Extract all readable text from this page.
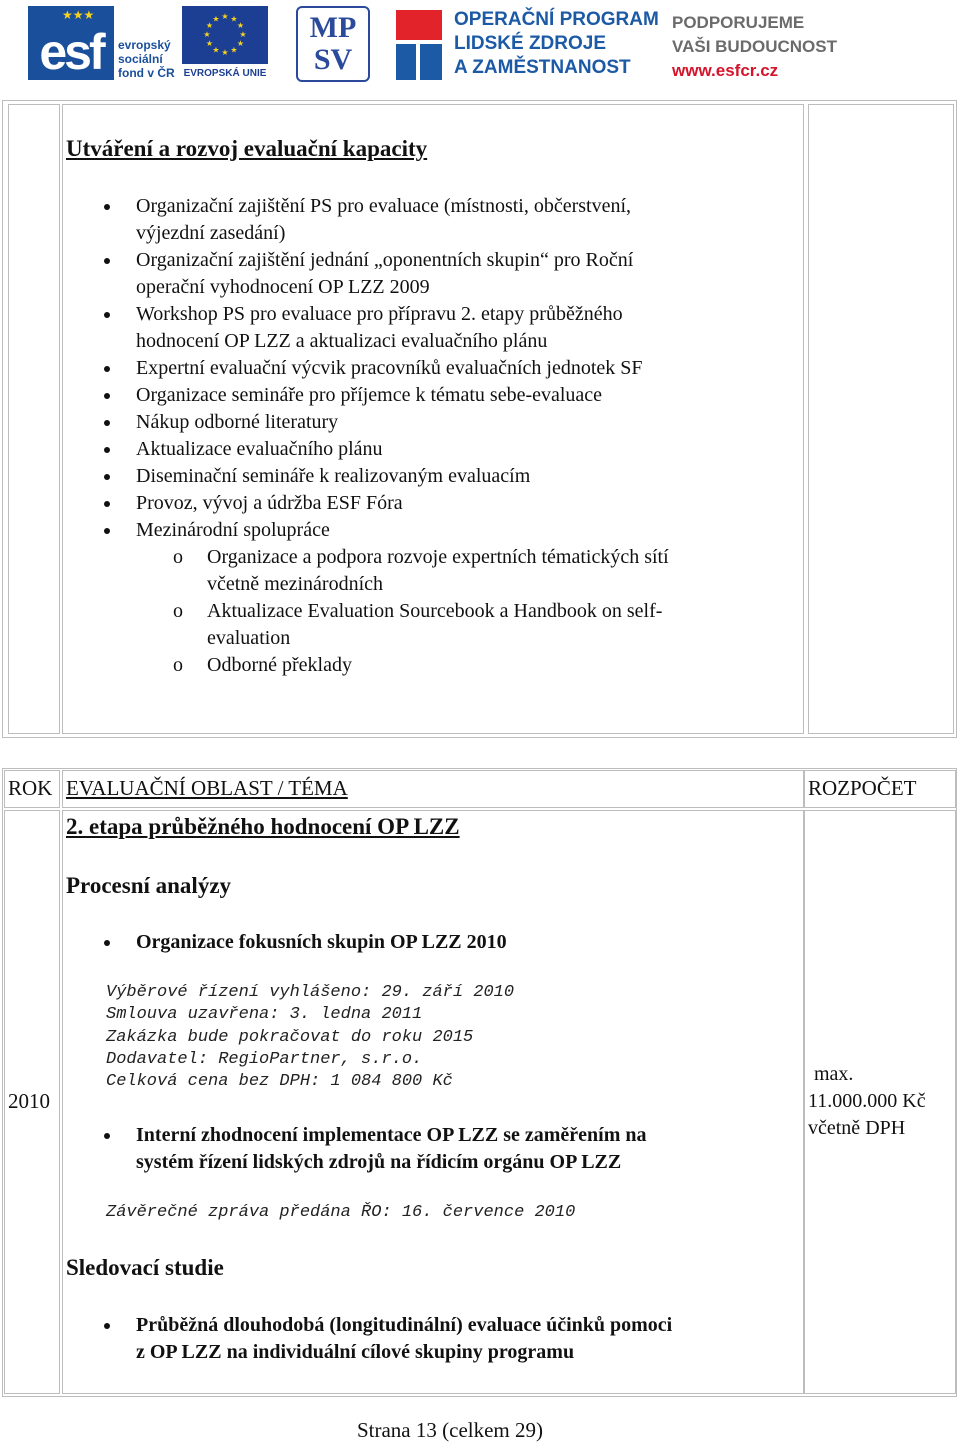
★★★
esf	evropský
sociální
fond v ČR
★ ★
★
★
★
★
★
★
★
★
★
★
EVROPSKÁ UNIE
MP
SV
OPERAČNÍ PROGRAM
LIDSKÉ ZDROJE
A ZAMĚSTNANOST
PODPORUJEME
VAŠI BUDOUCNOST
www.esfcr.cz
Utváření a rozvoj evaluační kapacity
Organizační zajištění PS pro evaluace (místnosti, občerstvení,
výjezdní zasedání)
Organizační zajištění jednání „oponentních skupin“ pro Roční
operační vyhodnocení OP LZZ 2009
Workshop PS pro evaluace pro přípravu 2. etapy průběžného
hodnocení OP LZZ a aktualizaci evaluačního plánu
Expertní evaluační výcvik pracovníků evaluačních jednotek SF
Organizace semináře pro příjemce k tématu sebe-evaluace
Nákup odborné literatury
Aktualizace evaluačního plánu
Diseminační semináře k realizovaným evaluacím
Provoz, vývoj a údržba ESF Fóra
Mezinárodní spolupráce
o Organizace a podpora rozvoje expertních tématických sítí
včetně mezinárodních
o Aktualizace Evaluation Sourcebook a Handbook on self-
evaluation
o Odborné překlady
ROK EVALUAČNÍ OBLAST / TÉMA	ROZPOČET
2010
max.
11.000.000 Kč
včetně DPH
2. etapa průběžného hodnocení OP LZZ
Procesní analýzy
Organizace fokusních skupin OP LZZ 2010
Výběrové řízení vyhlášeno: 29. září 2010
Smlouva uzavřena: 3. ledna 2011
Zakázka bude pokračovat do roku 2015
Dodavatel: RegioPartner, s.r.o.
Celková cena bez DPH: 1 084 800 Kč
Interní zhodnocení implementace OP LZZ se zaměřením na
systém řízení lidských zdrojů na řídicím orgánu OP LZZ
Závěrečné zpráva předána ŘO: 16. července 2010
Sledovací studie
Průběžná dlouhodobá (longitudinální) evaluace účinků pomoci
z OP LZZ na individuální cílové skupiny programu
Strana 13 (celkem 29)
